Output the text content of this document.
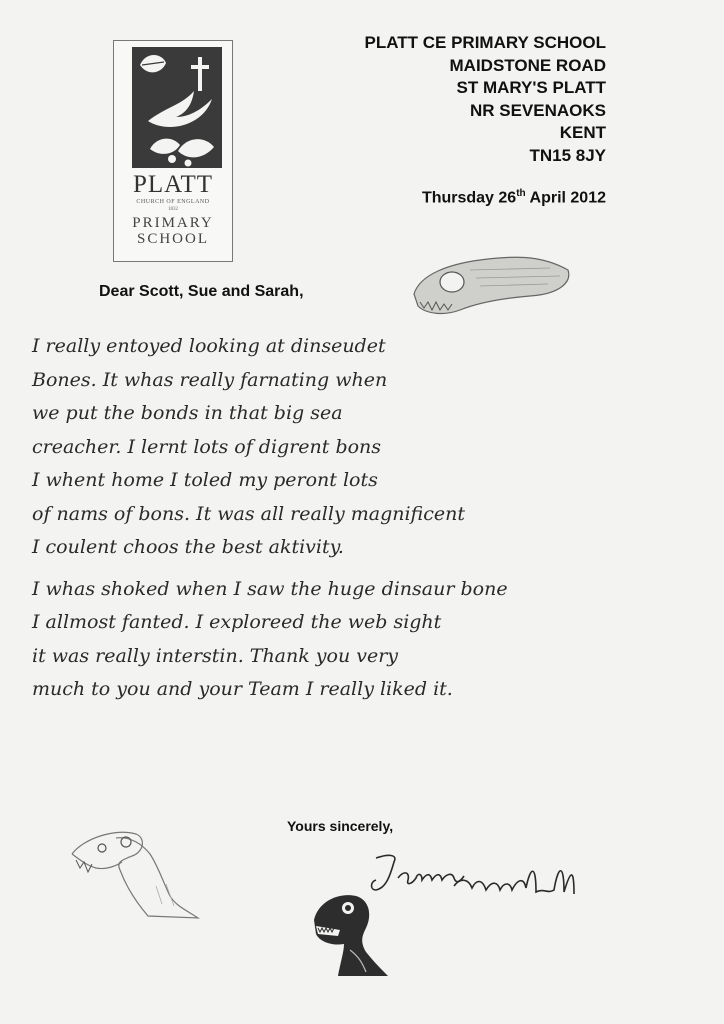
PLATT
CHURCH OF ENGLAND
1832
PRIMARY
SCHOOL
PLATT CE PRIMARY SCHOOL
MAIDSTONE ROAD
ST MARY'S PLATT
NR SEVENAOKS
KENT
TN15 8JY
Thursday 26th April 2012
Dear Scott, Sue and Sarah,
I really entoyed looking at dinseudet
Bones. It whas really farnating when
we put the bonds in that big sea
creacher. I lernt lots of digrent bons
I whent home I toled my peront lots
of nams of bons. It was all really magnificent
I coulent choos the best aktivity.
I whas shoked when I saw the huge dinsaur bone
I allmost fanted. I exploreed the web sight
it was really interstin. Thank you very
much to you and your Team I really liked it.
Yours sincerely,
